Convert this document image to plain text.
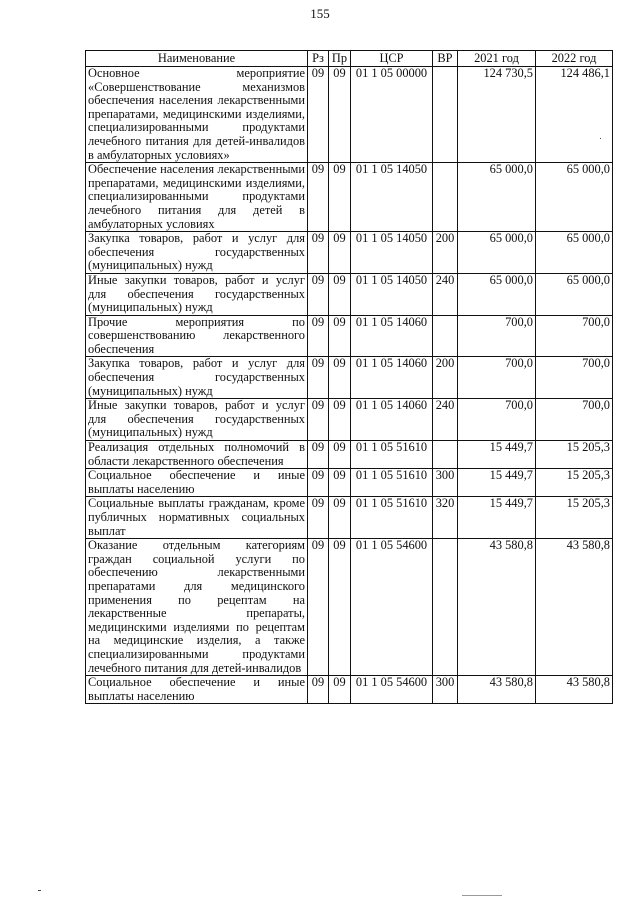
155
Наименование	Рз	Пр	ЦСР	ВР	2021 год	2022 год
Основное мероприятие «Совершенствование механизмов обеспечения населения лекарственными препаратами, медицинскими изделиями, специализированными продуктами лечебного питания для детей-инвалидов в амбулаторных условиях»	09	09	01 1 05 00000		124 730,5	124 486,1
Обеспечение населения лекарственными препаратами, медицинскими изделиями, специализированными продуктами лечебного питания для детей в амбулаторных условиях	09	09	01 1 05 14050		65 000,0	65 000,0
Закупка товаров, работ и услуг для обеспечения государственных (муниципальных) нужд	09	09	01 1 05 14050	200	65 000,0	65 000,0
Иные закупки товаров, работ и услуг для обеспечения государственных (муниципальных) нужд	09	09	01 1 05 14050	240	65 000,0	65 000,0
Прочие мероприятия по совершенствованию лекарственного обеспечения	09	09	01 1 05 14060		700,0	700,0
Закупка товаров, работ и услуг для обеспечения государственных (муниципальных) нужд	09	09	01 1 05 14060	200	700,0	700,0
Иные закупки товаров, работ и услуг для обеспечения государственных (муниципальных) нужд	09	09	01 1 05 14060	240	700,0	700,0
Реализация отдельных полномочий в области лекарственного обеспечения	09	09	01 1 05 51610		15 449,7	15 205,3
Социальное обеспечение и иные выплаты населению	09	09	01 1 05 51610	300	15 449,7	15 205,3
Социальные выплаты гражданам, кроме публичных нормативных социальных выплат	09	09	01 1 05 51610	320	15 449,7	15 205,3
Оказание отдельным категориям граждан социальной услуги по обеспечению лекарственными препаратами для медицинского применения по рецептам на лекарственные препараты, медицинскими изделиями по рецептам на медицинские изделия, а также специализированными продуктами лечебного питания для детей-инвалидов	09	09	01 1 05 54600		43 580,8	43 580,8
Социальное обеспечение и иные выплаты населению	09	09	01 1 05 54600	300	43 580,8	43 580,8
